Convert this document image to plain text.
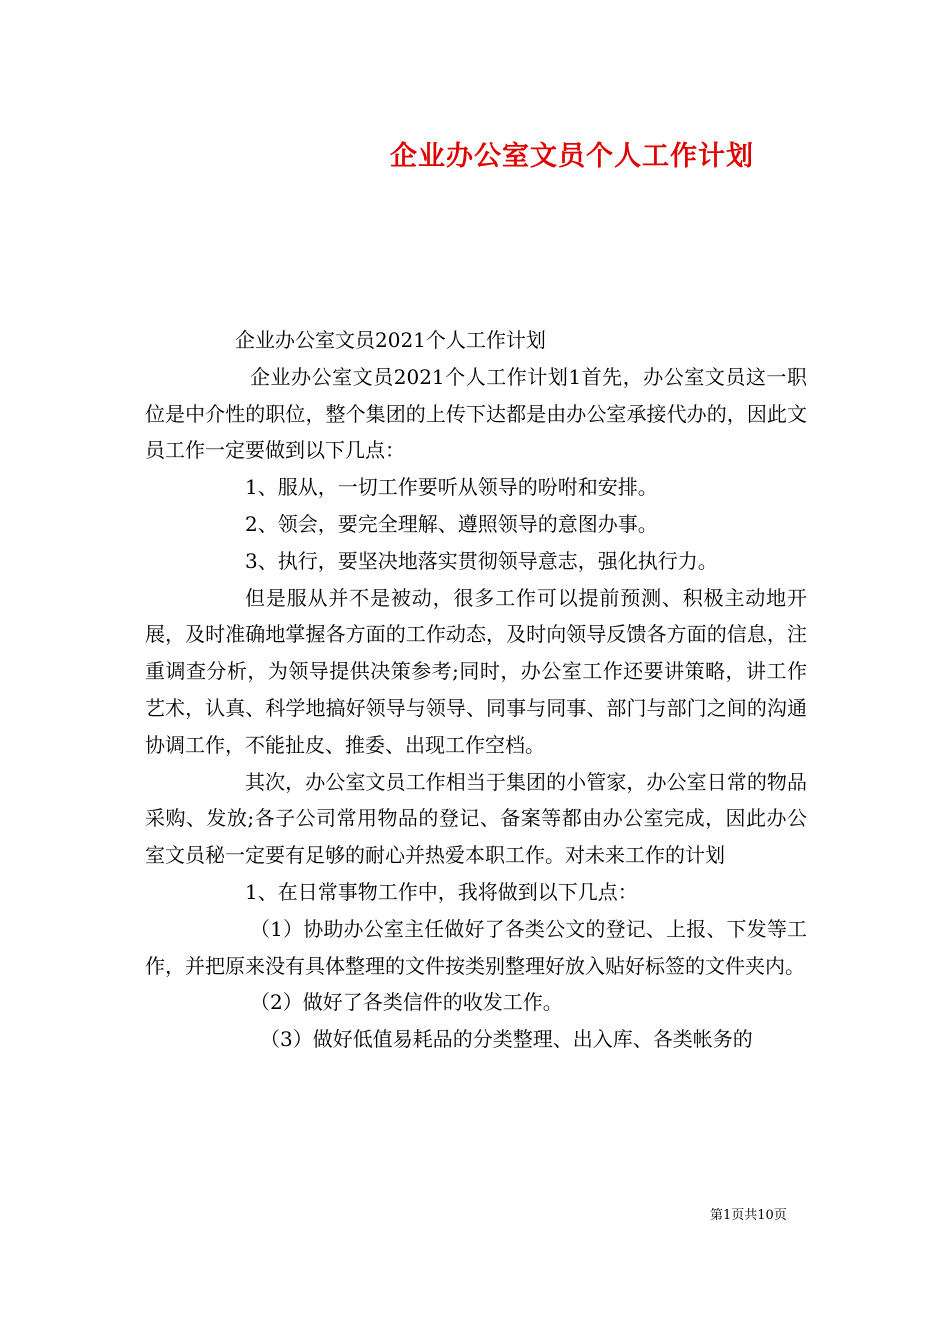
企业办公室文员个人工作计划

企业办公室文员2021个人工作计划

企业办公室文员2021个人工作计划1首先，办公室文员这一职位是中介性的职位，整个集团的上传下达都是由办公室承接代办的，因此文员工作一定要做到以下几点：

1、服从，一切工作要听从领导的吩咐和安排。

2、领会，要完全理解、遵照领导的意图办事。

3、执行，要坚决地落实贯彻领导意志，强化执行力。

但是服从并不是被动，很多工作可以提前预测、积极主动地开展，及时准确地掌握各方面的工作动态，及时向领导反馈各方面的信息，注重调查分析，为领导提供决策参考;同时，办公室工作还要讲策略，讲工作艺术，认真、科学地搞好领导与领导、同事与同事、部门与部门之间的沟通协调工作，不能扯皮、推委、出现工作空档。

其次，办公室文员工作相当于集团的小管家，办公室日常的物品采购、发放;各子公司常用物品的登记、备案等都由办公室完成，因此办公室文员秘一定要有足够的耐心并热爱本职工作。对未来工作的计划

1、在日常事物工作中，我将做到以下几点：

（1）协助办公室主任做好了各类公文的登记、上报、下发等工作，并把原来没有具体整理的文件按类别整理好放入贴好标签的文件夹内。

（2）做好了各类信件的收发工作。

（3）做好低值易耗品的分类整理、出入库、各类帐务的

第1页共10页
